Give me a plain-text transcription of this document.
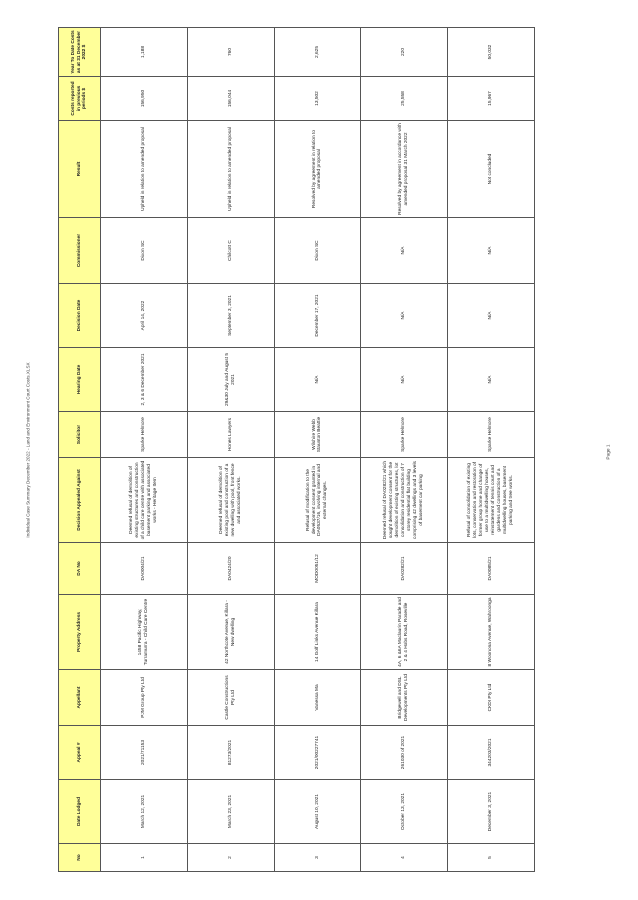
Individual Case Summary December 2022 - Land and Environment Court Costs.XLSX
No	Date Lodged	Appeal #	Appellant	Property Address	DA No	Decision Appealed Against	Solicitor	Hearing Date	Decision Date	Commissioner	Result	Costs reported in previous periods $	Year To Date Costs as at 31 December 2022 $
1	March 12, 2021	2021/71153	PJM Group Pty Ltd	1458 Pacific Highway, Turramurra - Child Care Centre	DA0004/21	Deemed refusal of demolition of existing structures and construction of a child care centre with associated basement parking and associated works - Heritage Item	Sparke Helmore	2, 3 & 6 December 2021	April 14, 2022	Dixon SC	Upheld in relation to amended proposal	156,950	1,188
2	March 23, 2021	81273/2021	Castle Constructions Pty Ltd	42 Northcote Avenue, Killara - New dwelling	DA0424/20	Deemed refusal of demolition of existing pool and construction of a new dwelling with pool, front fence and associated works.	Hones Lawyers	29&30 July and August 5 2021	September 3, 2021	Chilcott C	Upheld in relation to amended proposal	156,044	760
3	August 10, 2021	2021/00227741	Vanessa Ma	14 Golf Links Avenue Killara	MOD0051/12	Refusal of modification to the development consent granted in DA0537/16, involving internal and external changes.	Wilshire Webb Staunton Beattie	N/A	December 17, 2021	Dixon SC	Resolved by agreement in relation to amended proposal	13,502	2,625
4	October 13, 2021	261030 of 2021	Bridgewell and DSL Developments Pty Ltd	4A, 6 &6A Maclaurin Parade and 2 & 4 Hobs Road, Roseville	DA0282/21	Deemed refusal of DA0282/21 which sought development consent for the demolition of existing structures, lot consolidation and construction of 7 storey residential flat building comprising 42 dwellings and 3 levels of basement car parking	Sparke Helmore	N/A	N/A	N/A	Resolved by agreement in accordance with amended proposal 31 March 2022	25,558	220
5	December 3, 2021	344203/2021	CKDI Pty Ltd	8 Woonona Avenue, Wahroonga	DA0085/21	Refusal of consolidation of existing lots, conservation and restoration of former group home and change of use to a multidwelling houses, reinstatement of tennis court and gardens and construction of a multidwelling houses, basement parking and tree works.	Sparke Helmore	N/A	N/A	N/A	Not concluded	15,967	50,032
Page 1
